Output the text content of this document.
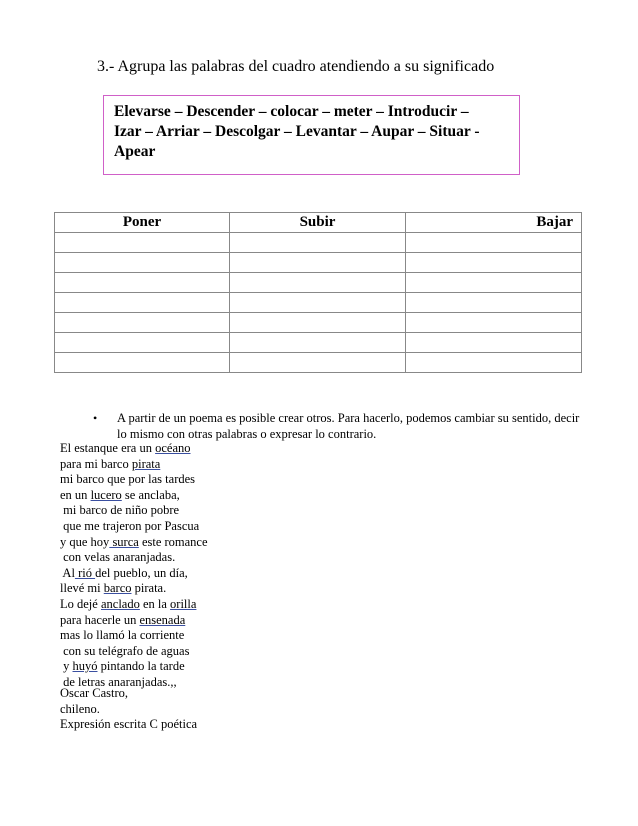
3.- Agrupa las palabras del cuadro atendiendo a su significado
Elevarse – Descender – colocar – meter – Introducir –
Izar – Arriar – Descolgar – Levantar – Aupar – Situar -
Apear
Poner	Subir	Bajar

• A partir de un poema es posible crear otros. Para hacerlo, podemos cambiar su sentido, decir
lo mismo con otras palabras o expresar lo contrario.
El estanque era un océano
para mi barco pirata
mi barco que por las tardes
en un lucero se anclaba,
mi barco de niño pobre
que me trajeron por Pascua
y que hoy surca este romance
con velas anaranjadas.
Al rió del pueblo, un día,
llevé mi barco pirata.
Lo dejé anclado en la orilla
para hacerle un ensenada
mas lo llamó la corriente
con su telégrafo de aguas
y huyó pintando la tarde
de letras anaranjadas.,,
Oscar Castro,
chileno.
Expresión escrita C poética
